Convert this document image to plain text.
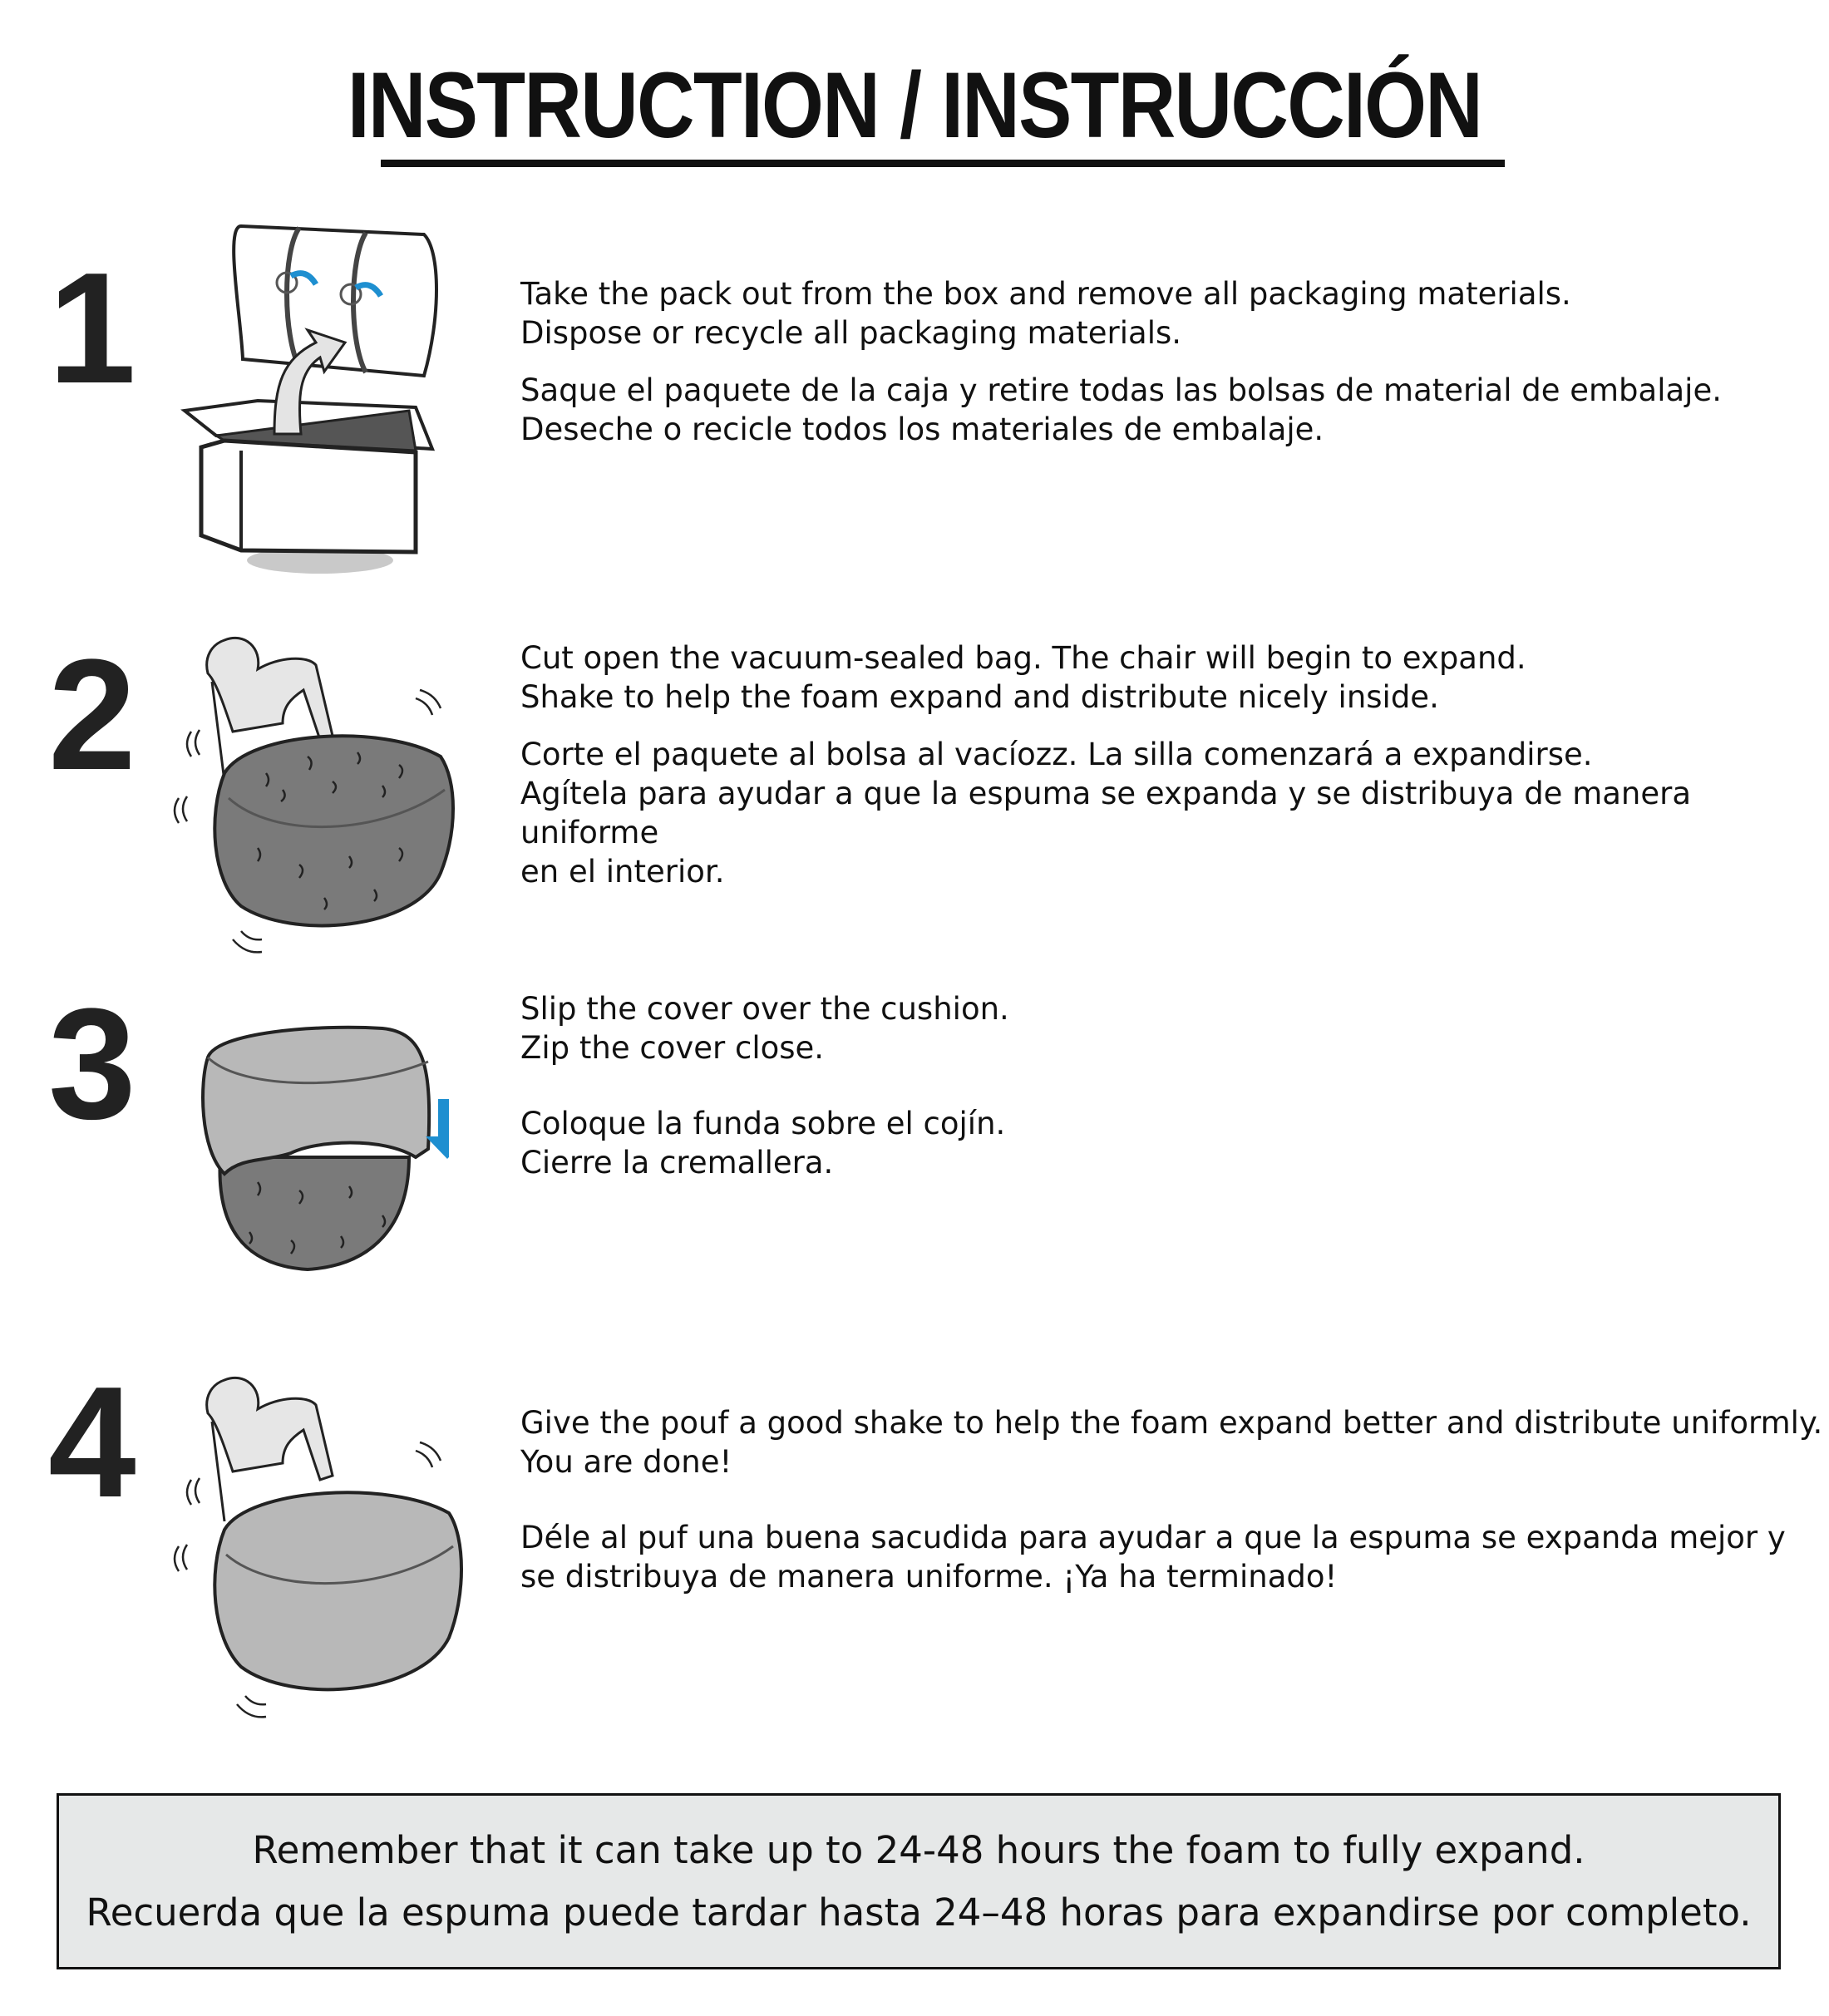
INSTRUCTION / INSTRUCCIÓN
1	Take the pack out from the box and remove all packaging materials.
Dispose or recycle all packaging materials.

Saque el paquete de la caja y retire todas las bolsas de material de embalaje.
Deseche o recicle todos los materiales de embalaje.

2	Cut open the vacuum-sealed bag. The chair will begin to expand.
Shake to help the foam expand and distribute nicely inside.

Corte el paquete al bolsa al vacíozz. La silla comenzará a expandirse.
Agítela para ayudar a que la espuma se expanda y se distribuya de manera uniforme
en el interior.

3	Slip the cover over the cushion.
Zip the cover close.

Coloque la funda sobre el cojín.
Cierre la cremallera.

4	Give the pouf a good shake to help the foam expand better and distribute uniformly.
You are done!

Déle al puf una buena sacudida para ayudar a que la espuma se expanda mejor y
se distribuya de manera uniforme. ¡Ya ha terminado!

Remember that it can take up to 24-48 hours the foam to fully expand.
Recuerda que la espuma puede tardar hasta 24–48 horas para expandirse por completo.
